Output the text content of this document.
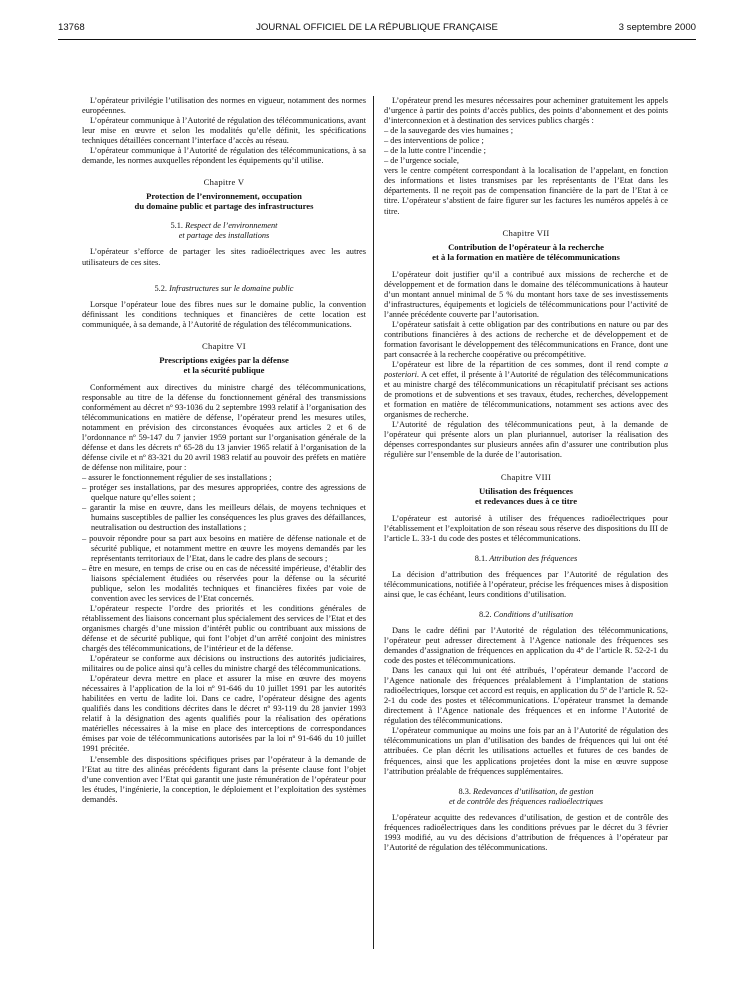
13768	JOURNAL OFFICIEL DE LA RÉPUBLIQUE FRANÇAISE	3 septembre 2000

L’opérateur privilégie l’utilisation des normes en vigueur, notamment des normes européennes.

L’opérateur communique à l’Autorité de régulation des télécommunications, avant leur mise en œuvre et selon les modalités qu’elle définit, les spécifications techniques détaillées concernant l’interface d’accès au réseau.

L’opérateur communique à l’Autorité de régulation des télécommunications, à sa demande, les normes auxquelles répondent les équipements qu’il utilise.

Chapitre V
Protection de l’environnement, occupation
du domaine public et partage des infrastructures
5.1. Respect de l’environnement
et partage des installations

L’opérateur s’efforce de partager les sites radioélectriques avec les autres utilisateurs de ces sites.

5.2. Infrastructures sur le domaine public

Lorsque l’opérateur loue des fibres nues sur le domaine public, la convention définissant les conditions techniques et financières de cette location est communiquée, à sa demande, à l’Autorité de régulation des télécommunications.

Chapitre VI
Prescriptions exigées par la défense
et la sécurité publique

Conformément aux directives du ministre chargé des télécommunications, responsable au titre de la défense du fonctionnement général des transmissions conformément au décret nº 93-1036 du 2 septembre 1993 relatif à l’organisation des télécommunications en matière de défense, l’opérateur prend les mesures utiles, notamment en prévision des circonstances évoquées aux articles 2 et 6 de l’ordonnance nº 59-147 du 7 janvier 1959 portant sur l’organisation générale de la défense et dans les décrets nº 65-28 du 13 janvier 1965 relatif à l’organisation de la défense civile et nº 83-321 du 20 avril 1983 relatif au pouvoir des préfets en matière de défense non militaire, pour :

– assurer le fonctionnement régulier de ses installations ;
– protéger ses installations, par des mesures appropriées, contre des agressions de quelque nature qu’elles soient ;
– garantir la mise en œuvre, dans les meilleurs délais, de moyens techniques et humains susceptibles de pallier les conséquences les plus graves des défaillances, neutralisation ou destruction des installations ;
– pouvoir répondre pour sa part aux besoins en matière de défense nationale et de sécurité publique, et notamment mettre en œuvre les moyens demandés par les représentants territoriaux de l’Etat, dans le cadre des plans de secours ;
– être en mesure, en temps de crise ou en cas de nécessité impérieuse, d’établir des liaisons spécialement étudiées ou réservées pour la défense ou la sécurité publique, selon les modalités techniques et financières fixées par voie de convention avec les services de l’Etat concernés.

L’opérateur respecte l’ordre des priorités et les conditions générales de rétablissement des liaisons concernant plus spécialement des services de l’Etat et des organismes chargés d’une mission d’intérêt public ou contribuant aux missions de défense et de sécurité publique, qui font l’objet d’un arrêté conjoint des ministres chargés des télécommunications, de l’intérieur et de la défense.

L’opérateur se conforme aux décisions ou instructions des autorités judiciaires, militaires ou de police ainsi qu’à celles du ministre chargé des télécommunications.

L’opérateur devra mettre en place et assurer la mise en œuvre des moyens nécessaires à l’application de la loi nº 91-646 du 10 juillet 1991 par les autorités habilitées en vertu de ladite loi. Dans ce cadre, l’opérateur désigne des agents qualifiés dans les conditions décrites dans le décret nº 93-119 du 28 janvier 1993 relatif à la désignation des agents qualifiés pour la réalisation des opérations matérielles nécessaires à la mise en place des interceptions de correspondances émises par voie de télécommunications autorisées par la loi nº 91-646 du 10 juillet 1991 précitée.

L’ensemble des dispositions spécifiques prises par l’opérateur à la demande de l’Etat au titre des alinéas précédents figurant dans la présente clause font l’objet d’une convention avec l’Etat qui garantit une juste rémunération de l’opérateur pour les études, l’ingénierie, la conception, le déploiement et l’exploitation des systèmes demandés.

L’opérateur prend les mesures nécessaires pour acheminer gratuitement les appels d’urgence à partir des points d’accès publics, des points d’abonnement et des points d’interconnexion et à destination des services publics chargés :

– de la sauvegarde des vies humaines ;
– des interventions de police ;
– de la lutte contre l’incendie ;
– de l’urgence sociale,

vers le centre compétent correspondant à la localisation de l’appelant, en fonction des informations et listes transmises par les représentants de l’Etat dans les départements. Il ne reçoit pas de compensation financière de la part de l’Etat à ce titre. L’opérateur s’abstient de faire figurer sur les factures les numéros appelés à ce titre.

Chapitre VII
Contribution de l’opérateur à la recherche
et à la formation en matière de télécommunications

L’opérateur doit justifier qu’il a contribué aux missions de recherche et de développement et de formation dans le domaine des télécommunications à hauteur d’un montant annuel minimal de 5 % du montant hors taxe de ses investissements d’infrastructures, équipements et logiciels de télécommunications pour l’activité de l’année précédente couverte par l’autorisation.

L’opérateur satisfait à cette obligation par des contributions en nature ou par des contributions financières à des actions de recherche et de développement et de formation favorisant le développement des télécommunications en France, dont une part consacrée à la recherche coopérative ou précompétitive.

L’opérateur est libre de la répartition de ces sommes, dont il rend compte a posteriori. A cet effet, il présente à l’Autorité de régulation des télécommunications et au ministre chargé des télécommunications un récapitulatif précisant ses actions de promotions et de subventions et ses travaux, études, recherches, développement et formation en matière de télécommunications, notamment ses actions avec des organismes de recherche.

L’Autorité de régulation des télécommunications peut, à la demande de l’opérateur qui présente alors un plan pluriannuel, autoriser la réalisation des dépenses correspondantes sur plusieurs années afin d’assurer une contribution plus régulière sur l’ensemble de la durée de l’autorisation.

Chapitre VIII
Utilisation des fréquences
et redevances dues à ce titre

L’opérateur est autorisé à utiliser des fréquences radioélectriques pour l’établissement et l’exploitation de son réseau sous réserve des dispositions du III de l’article L. 33-1 du code des postes et télécommunications.

8.1. Attribution des fréquences

La décision d’attribution des fréquences par l’Autorité de régulation des télécommunications, notifiée à l’opérateur, précise les fréquences mises à disposition ainsi que, le cas échéant, leurs conditions d’utilisation.

8.2. Conditions d’utilisation

Dans le cadre défini par l’Autorité de régulation des télécommunications, l’opérateur peut adresser directement à l’Agence nationale des fréquences ses demandes d’assignation de fréquences en application du 4º de l’article R. 52-2-1 du code des postes et télécommunications.

Dans les canaux qui lui ont été attribués, l’opérateur demande l’accord de l’Agence nationale des fréquences préalablement à l’implantation de stations radioélectriques, lorsque cet accord est requis, en application du 5º de l’article R. 52-2-1 du code des postes et télécommunications. L’opérateur transmet la demande directement à l’Agence nationale des fréquences et en informe l’Autorité de régulation des télécommunications.

L’opérateur communique au moins une fois par an à l’Autorité de régulation des télécommunications un plan d’utilisation des bandes de fréquences qui lui ont été attribuées. Ce plan décrit les utilisations actuelles et futures de ces bandes de fréquences, ainsi que les applications projetées dont la mise en œuvre suppose l’attribution préalable de fréquences supplémentaires.

8.3. Redevances d’utilisation, de gestion
et de contrôle des fréquences radioélectriques

L’opérateur acquitte des redevances d’utilisation, de gestion et de contrôle des fréquences radioélectriques dans les conditions prévues par le décret du 3 février 1993 modifié, au vu des décisions d’attribution de fréquences à l’opérateur par l’Autorité de régulation des télécommunications.
